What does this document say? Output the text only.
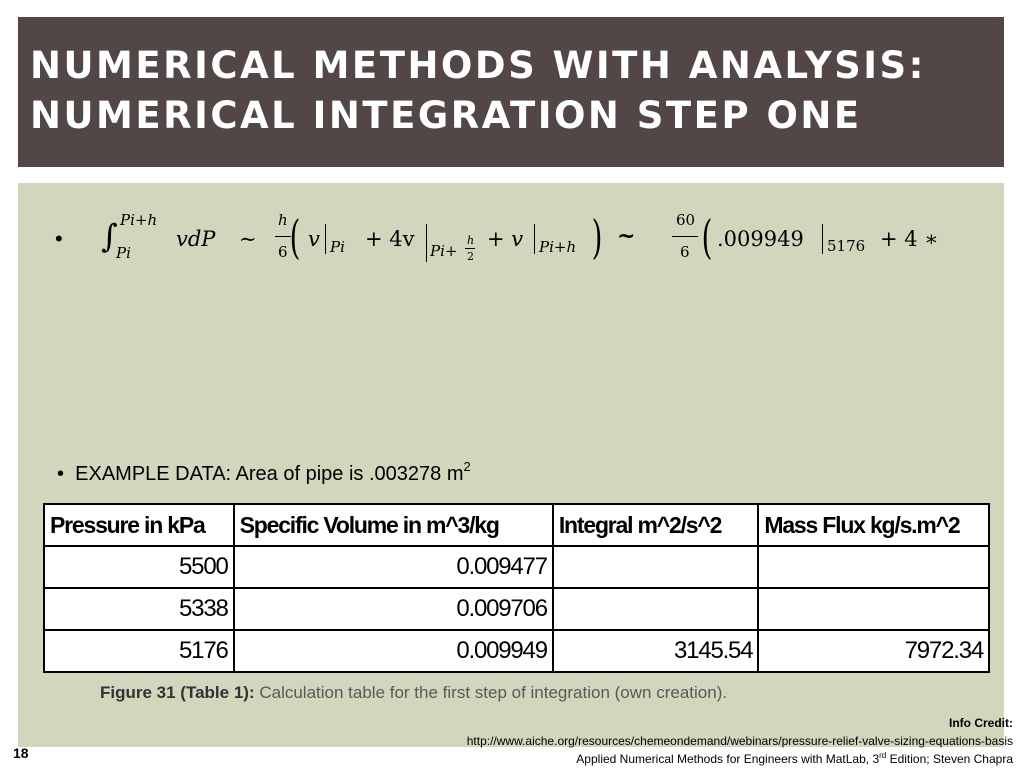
NUMERICAL METHODS WITH ANALYSIS:
NUMERICAL INTEGRATION STEP ONE
• ∫ Pi+h
Pi
vdP ∼
h
6 ( v Pi + 4v Pi+
h
2
+ v Pi+h ) ~
60
6 ( .009949 5176 + 4 ∗
• EXAMPLE DATA: Area of pipe is .003278 $m^2$
Pressure in kPa	Specific Volume in m^3/kg	Integral m^2/s^2	Mass Flux kg/s.m^2
5500	0.009477		
5338	0.009706		
5176	0.009949	3145.54	7972.34
Figure 31 (Table 1): Calculation table for the first step of integration (own creation).
Info Credit:
http://www.aiche.org/resources/chemeondemand/webinars/pressure-relief-valve-sizing-equations-basis
Applied Numerical Methods for Engineers with MatLab, 3rd Edition; Steven Chapra
18
